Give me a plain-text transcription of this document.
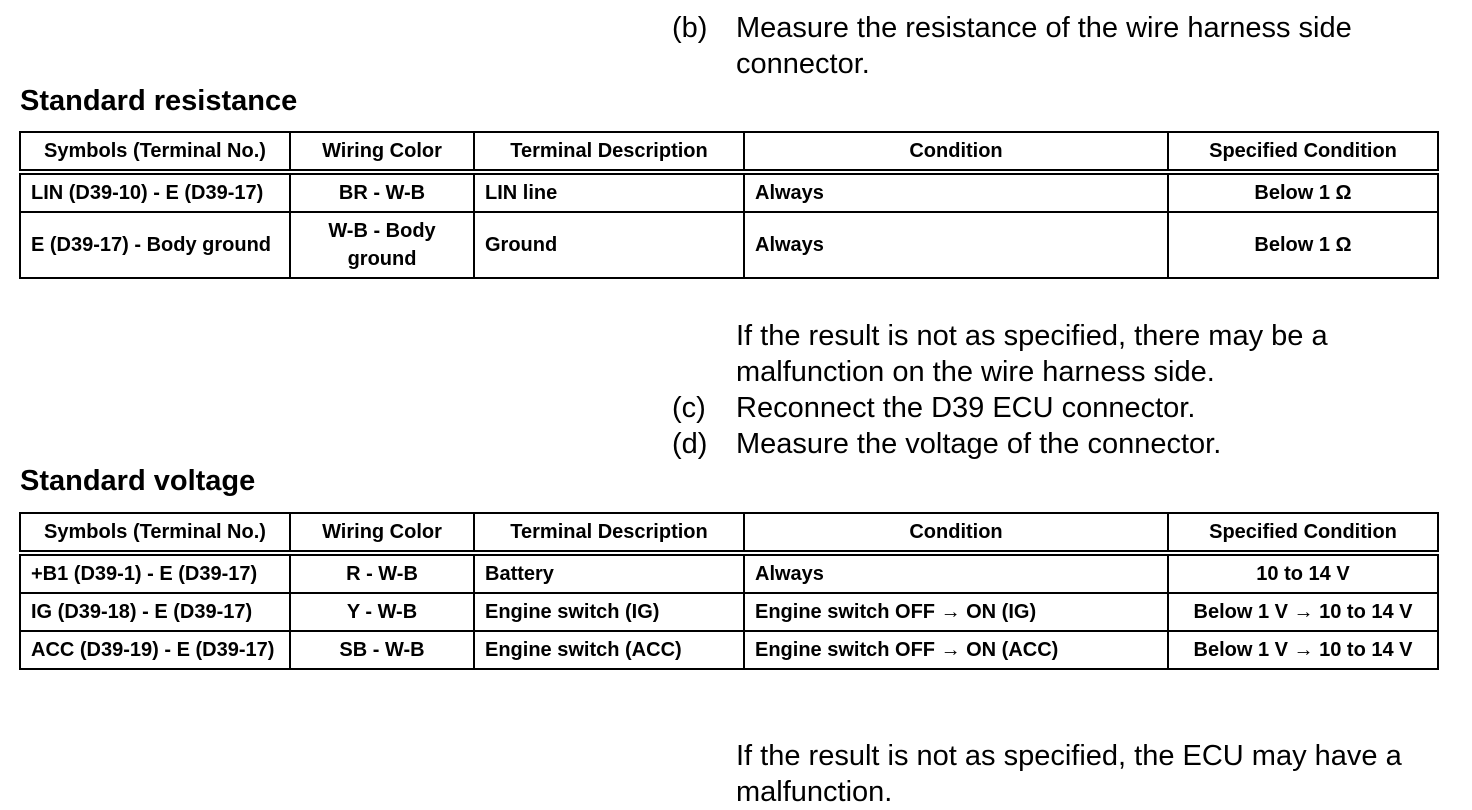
(b) Measure the resistance of the wire harness side
connector.
Standard resistance
Symbols (Terminal No.)	Wiring Color	Terminal Description	Condition	Specified Condition
LIN (D39-10) - E (D39-17)	BR - W-B	LIN line	Always	Below 1 Ω
E (D39-17) - Body ground	W-B - Body ground	Ground	Always	Below 1 Ω
If the result is not as specified, there may be a
malfunction on the wire harness side.
(c) Reconnect the D39 ECU connector.
(d) Measure the voltage of the connector.
Standard voltage
Symbols (Terminal No.)	Wiring Color	Terminal Description	Condition	Specified Condition
+B1 (D39-1) - E (D39-17)	R - W-B	Battery	Always	10 to 14 V
IG (D39-18) - E (D39-17)	Y - W-B	Engine switch (IG)	Engine switch OFF → ON (IG)	Below 1 V → 10 to 14 V
ACC (D39-19) - E (D39-17)	SB - W-B	Engine switch (ACC)	Engine switch OFF → ON (ACC)	Below 1 V → 10 to 14 V
If the result is not as specified, the ECU may have a
malfunction.
